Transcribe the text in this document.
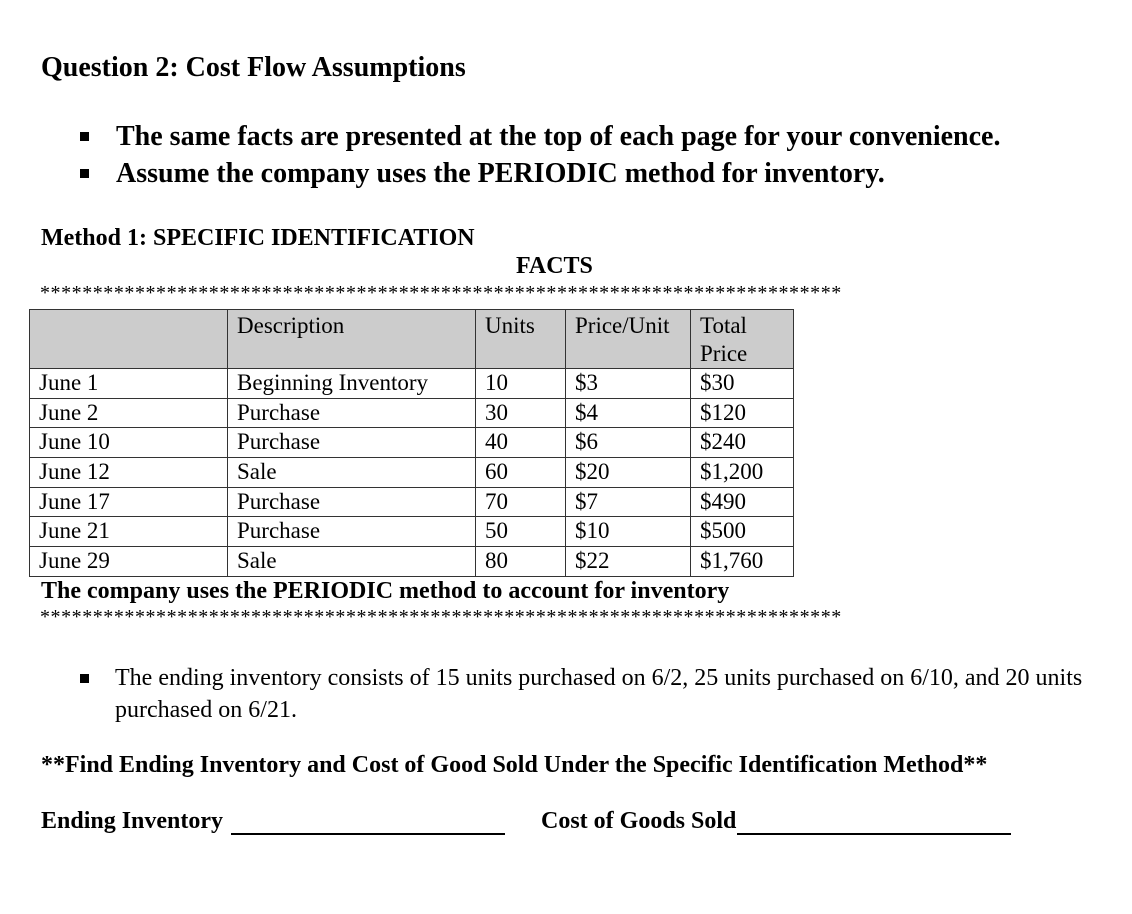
Question 2: Cost Flow Assumptions
The same facts are presented at the top of each page for your convenience.
Assume the company uses the PERIODIC method for inventory.
Method 1: SPECIFIC IDENTIFICATION
FACTS
****************************************************************************
	Description	Units	Price/Unit	Total Price
June 1	Beginning Inventory	10	$3	$30
June 2	Purchase	30	$4	$120
June 10	Purchase	40	$6	$240
June 12	Sale	60	$20	$1,200
June 17	Purchase	70	$7	$490
June 21	Purchase	50	$10	$500
June 29	Sale	80	$22	$1,760
The company uses the PERIODIC method to account for inventory
****************************************************************************
The ending inventory consists of 15 units purchased on 6/2, 25 units purchased on 6/10, and 20 units purchased on 6/21.
**Find Ending Inventory and Cost of Good Sold Under the Specific Identification Method**
Ending Inventory	Cost of Goods Sold
